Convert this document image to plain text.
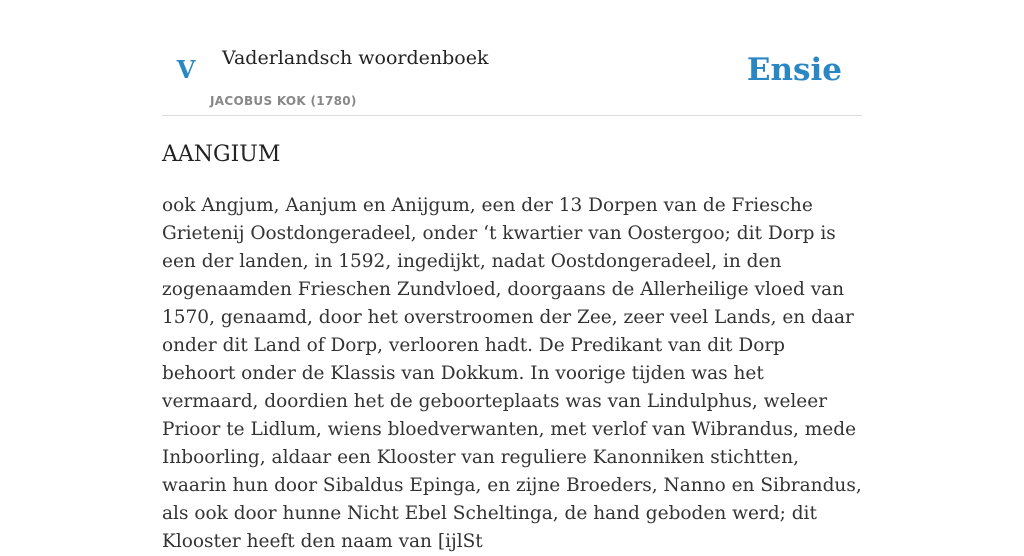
V	Vaderlandsch woordenboek
JACOBUS KOK (1780)
Ensie
AANGIUM

ook Angjum, Aanjum en Anijgum, een der 13 Dorpen van de Friesche Grietenij Oostdongeradeel, onder ‘t kwartier van Oostergoo; dit Dorp is een der landen, in 1592, ingedijkt, nadat Oostdongeradeel, in den zogenaamden Frieschen Zundvloed, doorgaans de Allerheilige vloed van 1570, genaamd, door het overstroomen der Zee, zeer veel Lands, en daar onder dit Land of Dorp, verlooren hadt. De Predikant van dit Dorp behoort onder de Klassis van Dokkum. In voorige tijden was het vermaard, doordien het de geboorteplaats was van Lindulphus, weleer Prioor te Lidlum, wiens bloedverwanten, met verlof van Wibrandus, mede Inboorling, aldaar een Klooster van reguliere Kanonniken stichtten, waarin hun door Sibaldus Epinga, en zijne Broeders, Nanno en Sibrandus, als ook door hunne Nicht Ebel Scheltinga, de hand geboden werd; dit Klooster heeft den naam van [ijlSt
